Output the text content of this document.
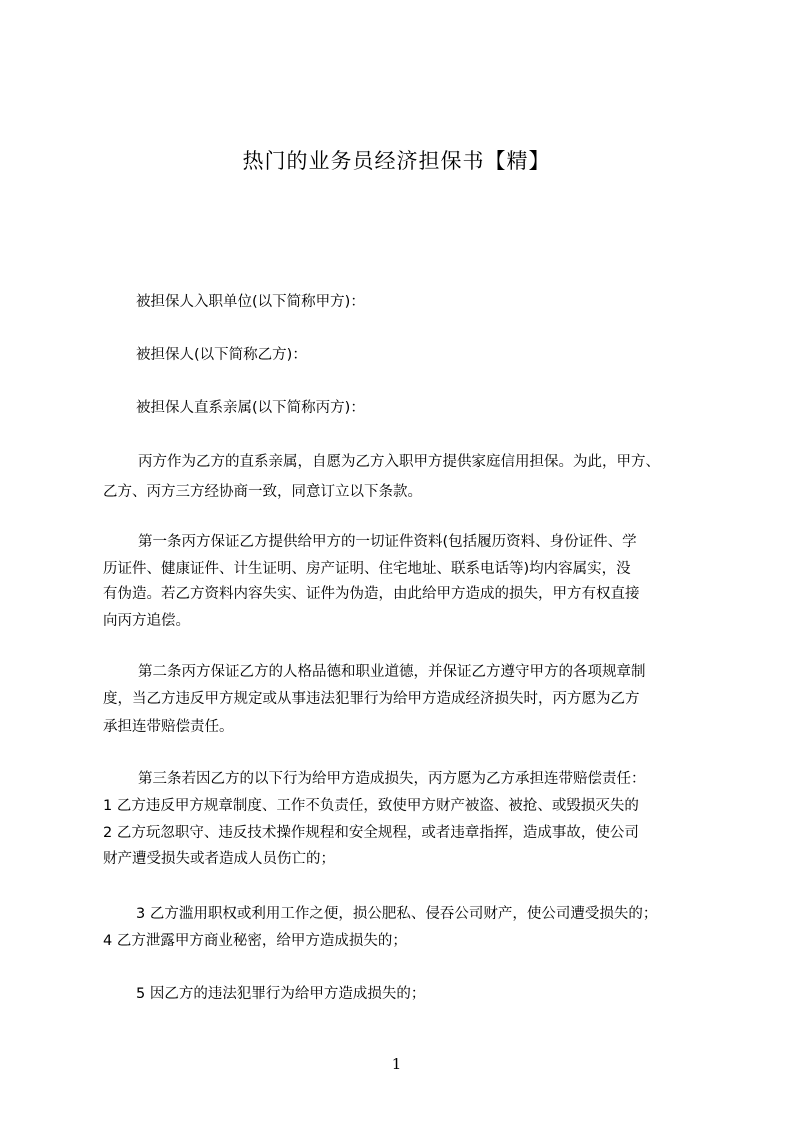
热门的业务员经济担保书【精】
被担保人入职单位(以下简称甲方)：
被担保人(以下简称乙方)：
被担保人直系亲属(以下简称丙方)：
丙方作为乙方的直系亲属，自愿为乙方入职甲方提供家庭信用担保。为此，甲方、
乙方、丙方三方经协商一致，同意订立以下条款。
第一条丙方保证乙方提供给甲方的一切证件资料(包括履历资料、身份证件、学
历证件、健康证件、计生证明、房产证明、住宅地址、联系电话等)均内容属实，没
有伪造。若乙方资料内容失实、证件为伪造，由此给甲方造成的损失，甲方有权直接
向丙方追偿。
第二条丙方保证乙方的人格品德和职业道德，并保证乙方遵守甲方的各项规章制
度，当乙方违反甲方规定或从事违法犯罪行为给甲方造成经济损失时，丙方愿为乙方
承担连带赔偿责任。
第三条若因乙方的以下行为给甲方造成损失，丙方愿为乙方承担连带赔偿责任：
1 乙方违反甲方规章制度、工作不负责任，致使甲方财产被盗、被抢、或毁损灭失的
2 乙方玩忽职守、违反技术操作规程和安全规程，或者违章指挥，造成事故，使公司
财产遭受损失或者造成人员伤亡的；
3 乙方滥用职权或利用工作之便，损公肥私、侵吞公司财产，使公司遭受损失的；
4 乙方泄露甲方商业秘密，给甲方造成损失的；
5 因乙方的违法犯罪行为给甲方造成损失的；
1
